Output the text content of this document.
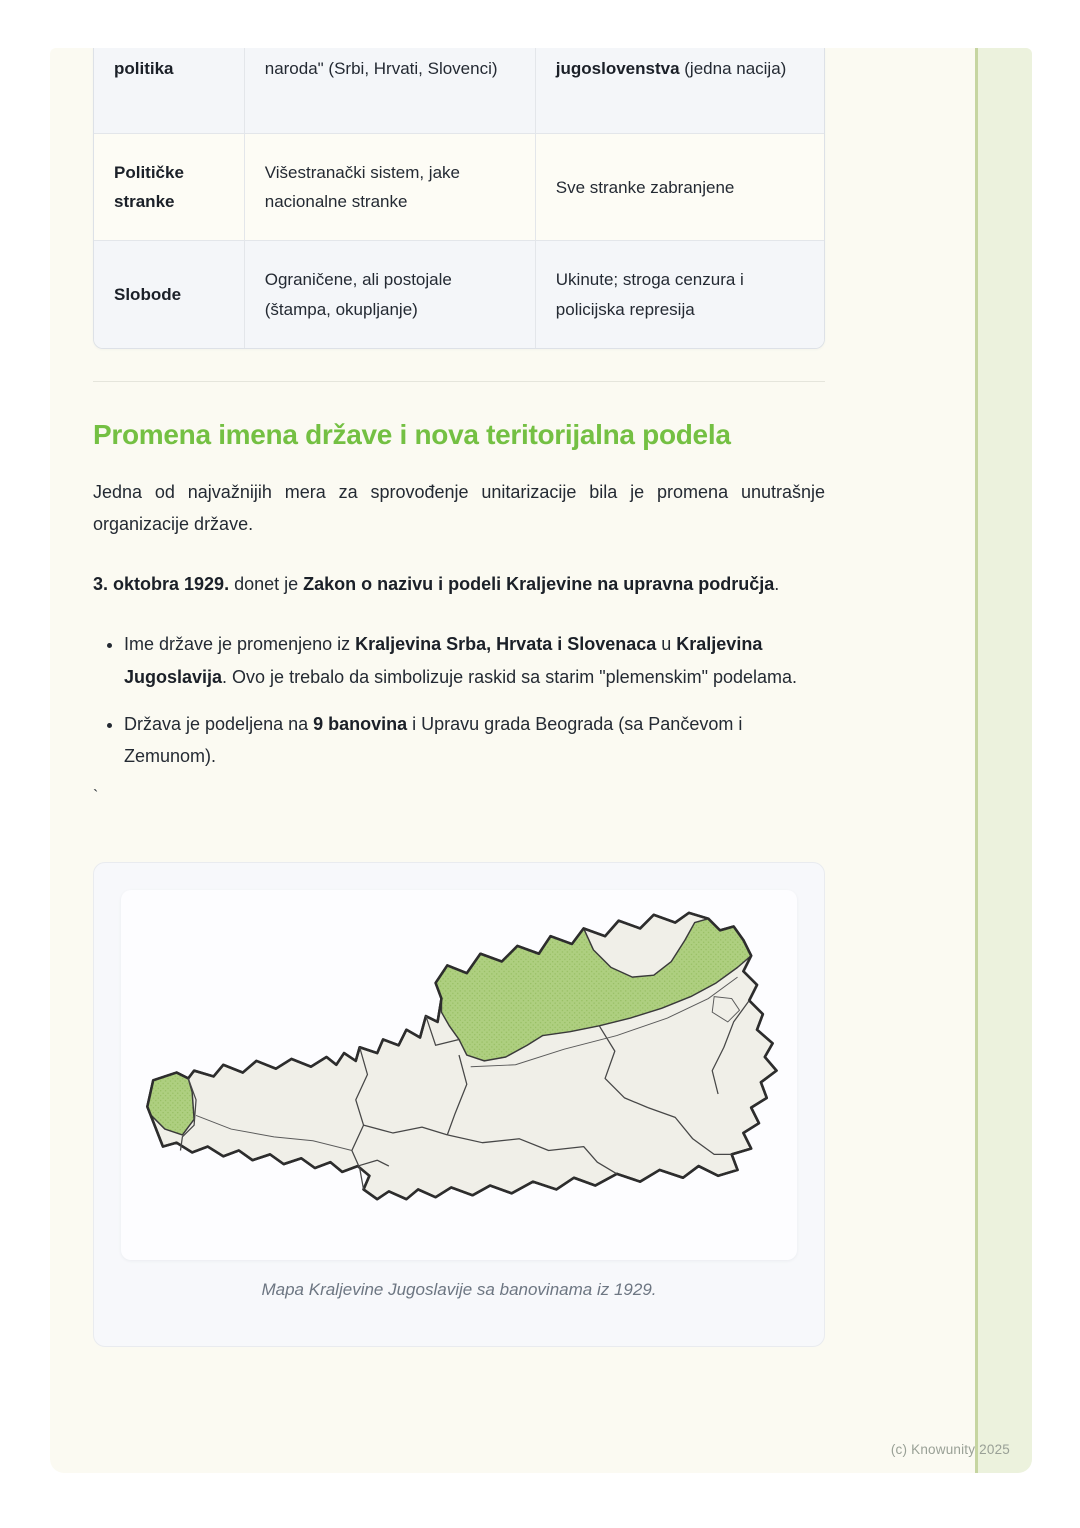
politika	naroda" (Srbi, Hrvati, Slovenci)	jugoslovenstva (jedna nacija)
Političke stranke	Višestranački sistem, jake nacionalne stranke	Sve stranke zabranjene
Slobode	Ograničene, ali postojale (štampa, okupljanje)	Ukinute; stroga cenzura i policijska represija
Promena imena države i nova teritorijalna podela

Jedna od najvažnijih mera za sprovođenje unitarizacije bila je promena unutrašnje organizacije države.

3. oktobra 1929. donet je Zakon o nazivu i podeli Kraljevine na upravna područja.

• Ime države je promenjeno iz Kraljevina Srba, Hrvata i Slovenaca u Kraljevina Jugoslavija. Ovo je trebalo da simbolizuje raskid sa starim "plemenskim" podelama.
• Država je podeljena na 9 banovina i Upravu grada Beograda (sa Pančevom i Zemunom).

`

Mapa Kraljevine Jugoslavije sa banovinama iz 1929.
(c) Knowunity 2025
